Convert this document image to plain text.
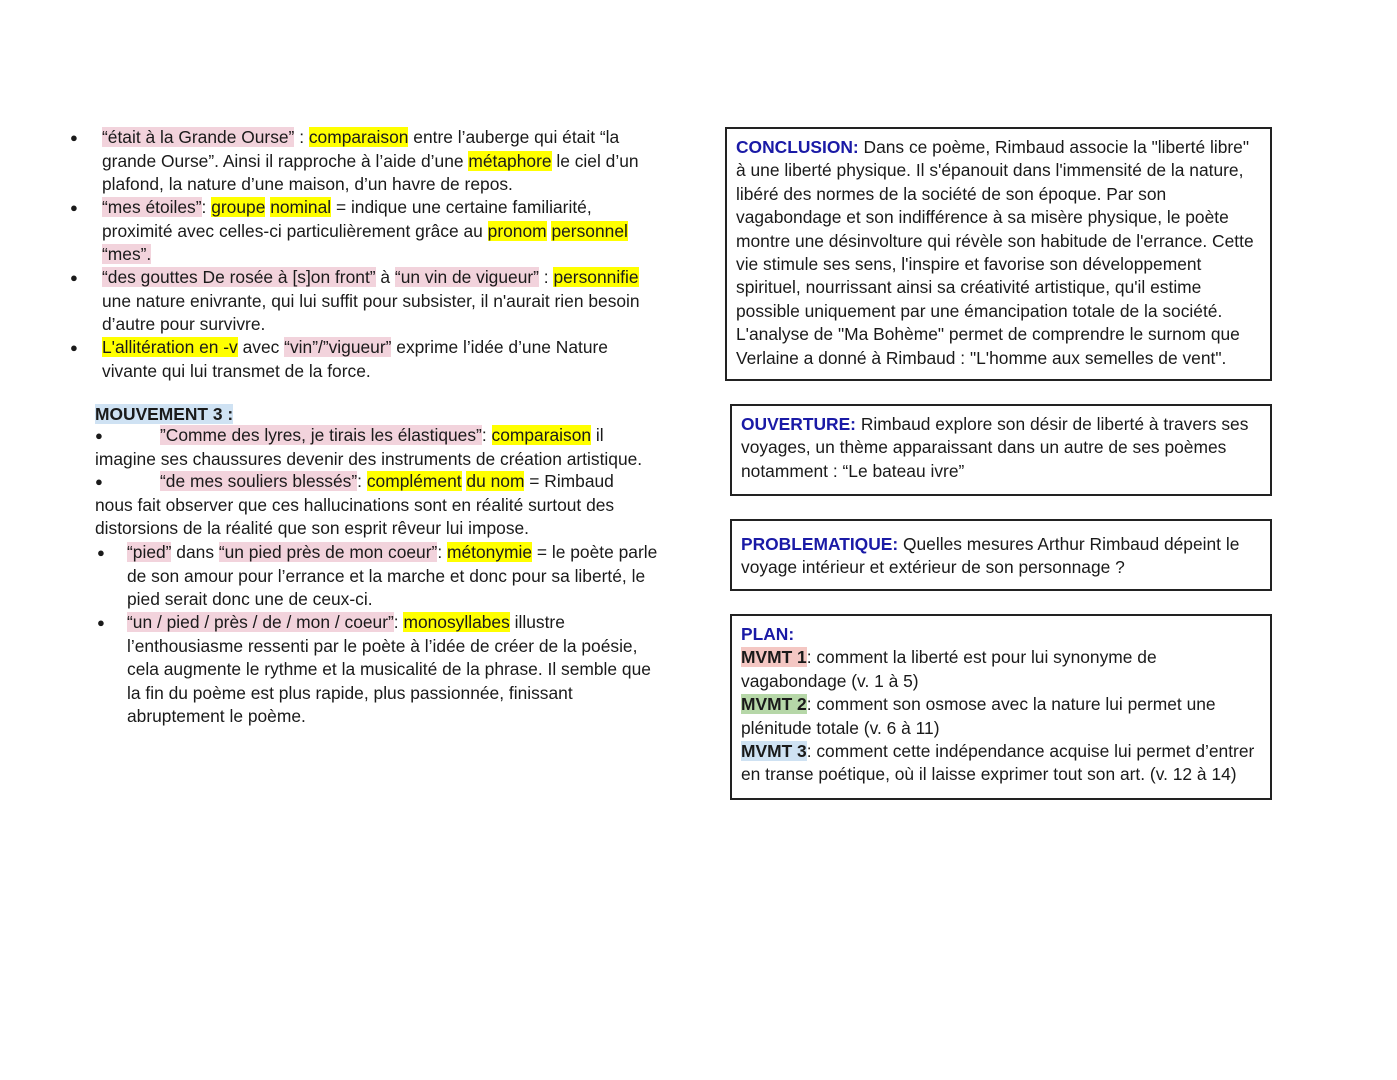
● “était à la Grande Ourse” : comparaison entre l’auberge qui était “la
grande Ourse”. Ainsi il rapproche à l’aide d’une métaphore le ciel d’un
plafond, la nature d’une maison, d’un havre de repos.
● “mes étoiles”: groupe nominal = indique une certaine familiarité,
proximité avec celles-ci particulièrement grâce au pronom personnel
“mes”.
● “des gouttes De rosée à [s]on front” à “un vin de vigueur” : personnifie
une nature enivrante, qui lui suffit pour subsister, il n'aurait rien besoin
d’autre pour survivre.
● L'allitération en -v avec “vin”/”vigueur” exprime l’idée d’une Nature
vivante qui lui transmet de la force.
MOUVEMENT 3 :
●	”Comme des lyres, je tirais les élastiques”: comparaison il
imagine ses chaussures devenir des instruments de création artistique.
●	“de mes souliers blessés”: complément du nom = Rimbaud
nous fait observer que ces hallucinations sont en réalité surtout des
distorsions de la réalité que son esprit rêveur lui impose.
● “pied” dans “un pied près de mon coeur”: métonymie = le poète parle
de son amour pour l’errance et la marche et donc pour sa liberté, le
pied serait donc une de ceux-ci.
● “un / pied / près / de / mon / coeur”: monosyllabes illustre
l’enthousiasme ressenti par le poète à l’idée de créer de la poésie,
cela augmente le rythme et la musicalité de la phrase. Il semble que
la fin du poème est plus rapide, plus passionnée, finissant
abruptement le poème.
CONCLUSION: Dans ce poème, Rimbaud associe la "liberté libre"
à une liberté physique. Il s'épanouit dans l'immensité de la nature,
libéré des normes de la société de son époque. Par son
vagabondage et son indifférence à sa misère physique, le poète
montre une désinvolture qui révèle son habitude de l'errance. Cette
vie stimule ses sens, l'inspire et favorise son développement
spirituel, nourrissant ainsi sa créativité artistique, qu'il estime
possible uniquement par une émancipation totale de la société.
L'analyse de "Ma Bohème" permet de comprendre le surnom que
Verlaine a donné à Rimbaud : "L'homme aux semelles de vent".
OUVERTURE: Rimbaud explore son désir de liberté à travers ses
voyages, un thème apparaissant dans un autre de ses poèmes
notamment : “Le bateau ivre”
PROBLEMATIQUE: Quelles mesures Arthur Rimbaud dépeint le
voyage intérieur et extérieur de son personnage ?
PLAN:
MVMT 1: comment la liberté est pour lui synonyme de
vagabondage (v. 1 à 5)
MVMT 2: comment son osmose avec la nature lui permet une
plénitude totale (v. 6 à 11)
MVMT 3: comment cette indépendance acquise lui permet d’entrer
en transe poétique, où il laisse exprimer tout son art. (v. 12 à 14)
